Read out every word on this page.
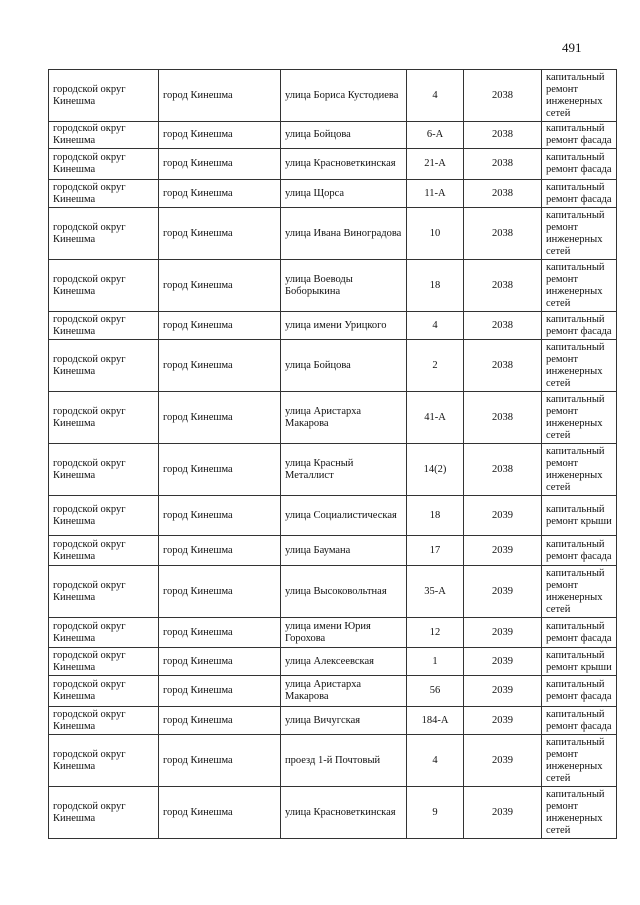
491
городской округ Кинешма	город Кинешма	улица Бориса Кустодиева	4	2038	капитальный ремонт инженерных сетей
городской округ Кинешма	город Кинешма	улица Бойцова	6-А	2038	капитальный ремонт фасада
городской округ Кинешма	город Кинешма	улица Красноветкинская	21-А	2038	капитальный ремонт фасада
городской округ Кинешма	город Кинешма	улица Щорса	11-А	2038	капитальный ремонт фасада
городской округ Кинешма	город Кинешма	улица Ивана Виноградова	10	2038	капитальный ремонт инженерных сетей
городской округ Кинешма	город Кинешма	улица Воеводы Боборыкина	18	2038	капитальный ремонт инженерных сетей
городской округ Кинешма	город Кинешма	улица имени Урицкого	4	2038	капитальный ремонт фасада
городской округ Кинешма	город Кинешма	улица Бойцова	2	2038	капитальный ремонт инженерных сетей
городской округ Кинешма	город Кинешма	улица Аристарха Макарова	41-А	2038	капитальный ремонт инженерных сетей
городской округ Кинешма	город Кинешма	улица Красный Металлист	14(2)	2038	капитальный ремонт инженерных сетей
городской округ Кинешма	город Кинешма	улица Социалистическая	18	2039	капитальный ремонт крыши
городской округ Кинешма	город Кинешма	улица Баумана	17	2039	капитальный ремонт фасада
городской округ Кинешма	город Кинешма	улица Высоковольтная	35-А	2039	капитальный ремонт инженерных сетей
городской округ Кинешма	город Кинешма	улица имени Юрия Горохова	12	2039	капитальный ремонт фасада
городской округ Кинешма	город Кинешма	улица Алексеевская	1	2039	капитальный ремонт крыши
городской округ Кинешма	город Кинешма	улица Аристарха Макарова	56	2039	капитальный ремонт фасада
городской округ Кинешма	город Кинешма	улица Вичугская	184-А	2039	капитальный ремонт фасада
городской округ Кинешма	город Кинешма	проезд 1-й Почтовый	4	2039	капитальный ремонт инженерных сетей
городской округ Кинешма	город Кинешма	улица Красноветкинская	9	2039	капитальный ремонт инженерных сетей
